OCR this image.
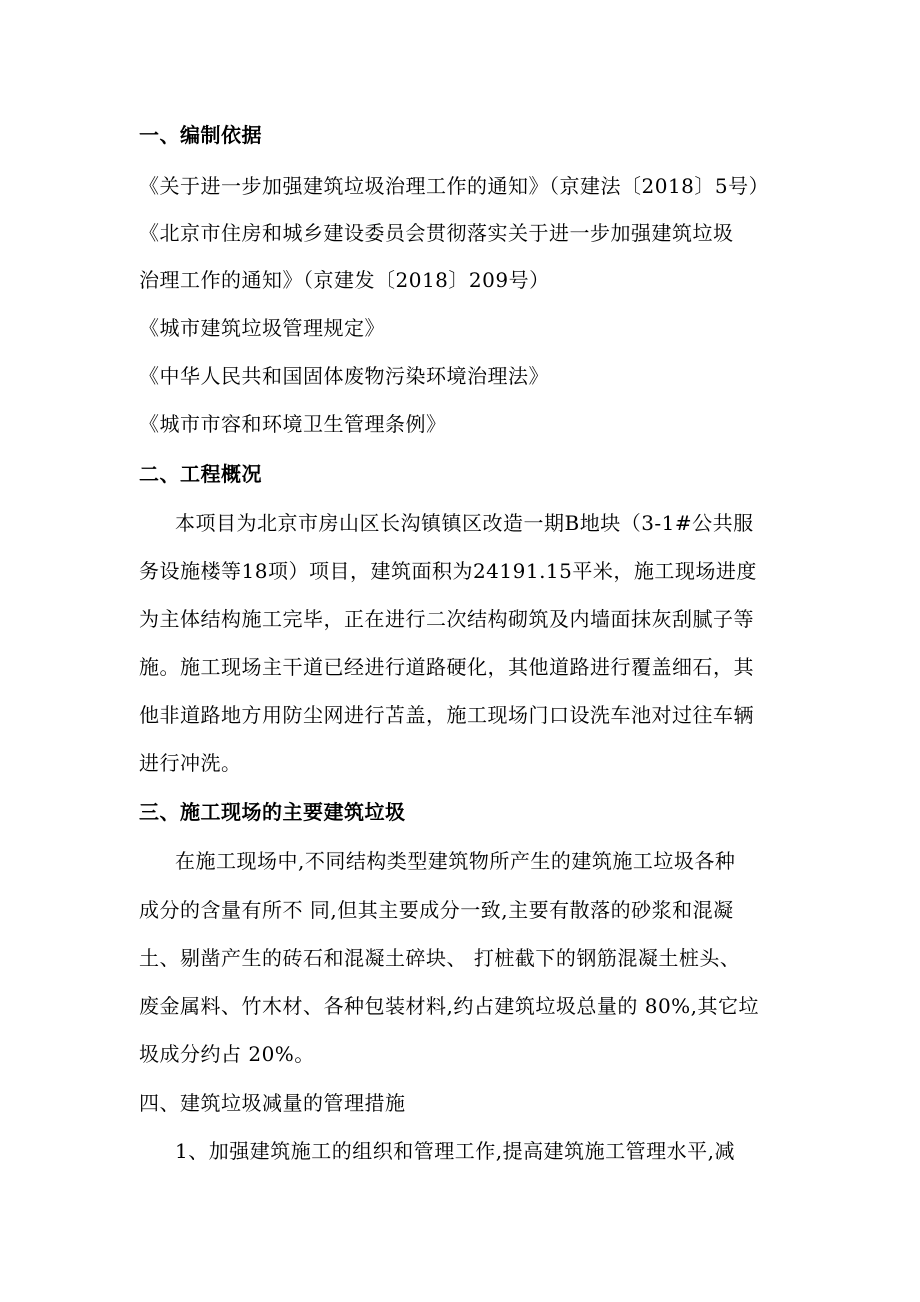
一、编制依据
《关于进一步加强建筑垃圾治理工作的通知》（京建法〔2018〕5号）
《北京市住房和城乡建设委员会贯彻落实关于进一步加强建筑垃圾
治理工作的通知》（京建发〔2018〕209号）
《城市建筑垃圾管理规定》
《中华人民共和国固体废物污染环境治理法》
《城市市容和环境卫生管理条例》
二、工程概况
本项目为北京市房山区长沟镇镇区改造一期B地块（3-1#公共服
务设施楼等18项）项目，建筑面积为24191.15平米，施工现场进度
为主体结构施工完毕，正在进行二次结构砌筑及内墙面抹灰刮腻子等
施。施工现场主干道已经进行道路硬化，其他道路进行覆盖细石，其
他非道路地方用防尘网进行苫盖，施工现场门口设洗车池对过往车辆
进行冲洗。
三、施工现场的主要建筑垃圾
在施工现场中,不同结构类型建筑物所产生的建筑施工垃圾各种
成分的含量有所不 同,但其主要成分一致,主要有散落的砂浆和混凝
土、剔凿产生的砖石和混凝土碎块、 打桩截下的钢筋混凝土桩头、
废金属料、竹木材、各种包装材料,约占建筑垃圾总量的 80%,其它垃
圾成分约占 20%。
四、建筑垃圾减量的管理措施
1、加强建筑施工的组织和管理工作,提高建筑施工管理水平,减
